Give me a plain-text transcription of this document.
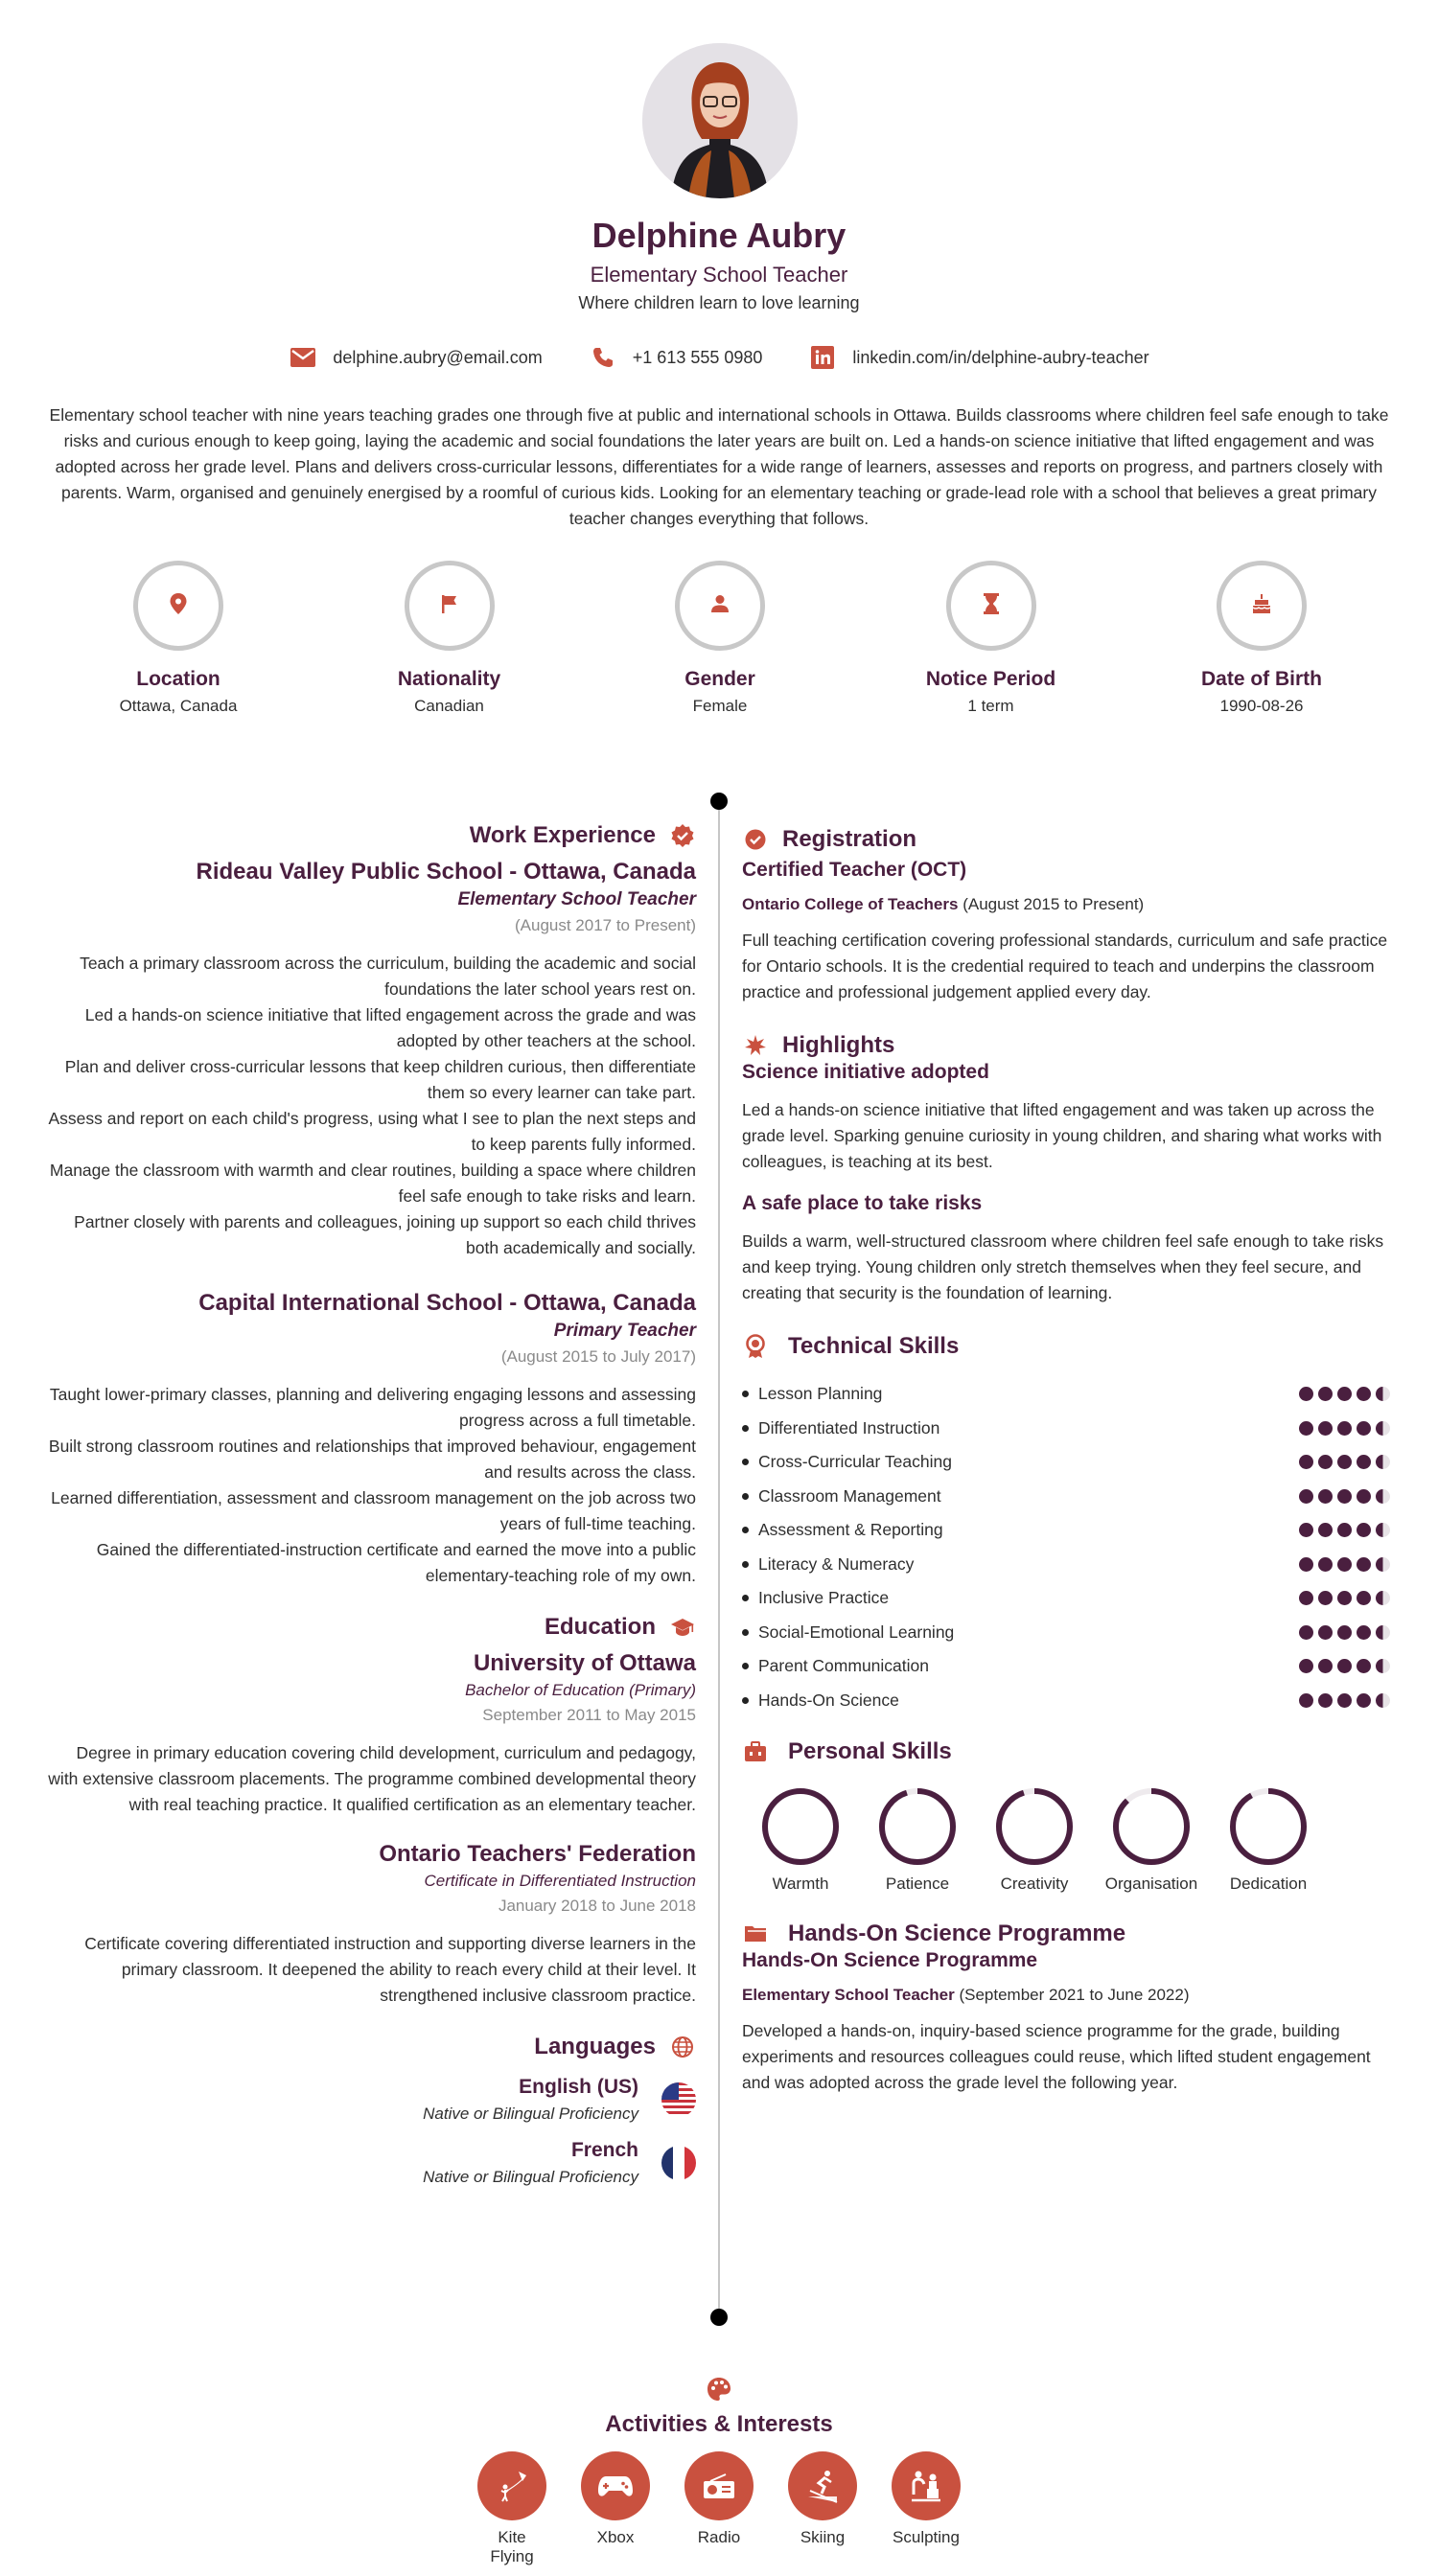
Delphine Aubry
Elementary School Teacher
Where children learn to love learning
delphine.aubry@email.com	+1 613 555 0980	linkedin.com/in/delphine-aubry-teacher
Elementary school teacher with nine years teaching grades one through five at public and international schools in Ottawa. Builds classrooms where children feel safe enough to take risks and curious enough to keep going, laying the academic and social foundations the later years are built on. Led a hands-on science initiative that lifted engagement and was adopted across her grade level. Plans and delivers cross-curricular lessons, differentiates for a wide range of learners, assesses and reports on progress, and partners closely with parents. Warm, organised and genuinely energised by a roomful of curious kids. Looking for an elementary teaching or grade-lead role with a school that believes a great primary teacher changes everything that follows.
Location
Ottawa, Canada
Nationality
Canadian
Gender
Female
Notice Period
1 term
Date of Birth
1990-08-26
Work Experience
Rideau Valley Public School - Ottawa, Canada
Elementary School Teacher
(August 2017 to Present)
Teach a primary classroom across the curriculum, building the academic and social foundations the later school years rest on.
Led a hands-on science initiative that lifted engagement across the grade and was adopted by other teachers at the school.
Plan and deliver cross-curricular lessons that keep children curious, then differentiate them so every learner can take part.
Assess and report on each child's progress, using what I see to plan the next steps and to keep parents fully informed.
Manage the classroom with warmth and clear routines, building a space where children feel safe enough to take risks and learn.
Partner closely with parents and colleagues, joining up support so each child thrives both academically and socially.
Capital International School - Ottawa, Canada
Primary Teacher
(August 2015 to July 2017)
Taught lower-primary classes, planning and delivering engaging lessons and assessing progress across a full timetable.
Built strong classroom routines and relationships that improved behaviour, engagement and results across the class.
Learned differentiation, assessment and classroom management on the job across two years of full-time teaching.
Gained the differentiated-instruction certificate and earned the move into a public elementary-teaching role of my own.
Education
University of Ottawa
Bachelor of Education (Primary)
September 2011 to May 2015
Degree in primary education covering child development, curriculum and pedagogy, with extensive classroom placements. The programme combined developmental theory with real teaching practice. It qualified certification as an elementary teacher.
Ontario Teachers' Federation
Certificate in Differentiated Instruction
January 2018 to June 2018
Certificate covering differentiated instruction and supporting diverse learners in the primary classroom. It deepened the ability to reach every child at their level. It strengthened inclusive classroom practice.
Languages
English (US)
Native or Bilingual Proficiency
French
Native or Bilingual Proficiency
Registration
Certified Teacher (OCT)
Ontario College of Teachers (August 2015 to Present)
Full teaching certification covering professional standards, curriculum and safe practice for Ontario schools. It is the credential required to teach and underpins the classroom practice and professional judgement applied every day.
Highlights
Science initiative adopted
Led a hands-on science initiative that lifted engagement and was taken up across the grade level. Sparking genuine curiosity in young children, and sharing what works with colleagues, is teaching at its best.
A safe place to take risks
Builds a warm, well-structured classroom where children feel safe enough to take risks and keep trying. Young children only stretch themselves when they feel secure, and creating that security is the foundation of learning.
Technical Skills
Lesson Planning
Differentiated Instruction
Cross-Curricular Teaching
Classroom Management
Assessment & Reporting
Literacy & Numeracy
Inclusive Practice
Social-Emotional Learning
Parent Communication
Hands-On Science
Personal Skills
Warmth	Patience	Creativity	Organisation	Dedication
Hands-On Science Programme
Hands-On Science Programme
Elementary School Teacher (September 2021 to June 2022)
Developed a hands-on, inquiry-based science programme for the grade, building experiments and resources colleagues could reuse, which lifted student engagement and was adopted across the grade level the following year.
Activities & Interests
Kite Flying
Xbox	Radio	Skiing	Sculpting
